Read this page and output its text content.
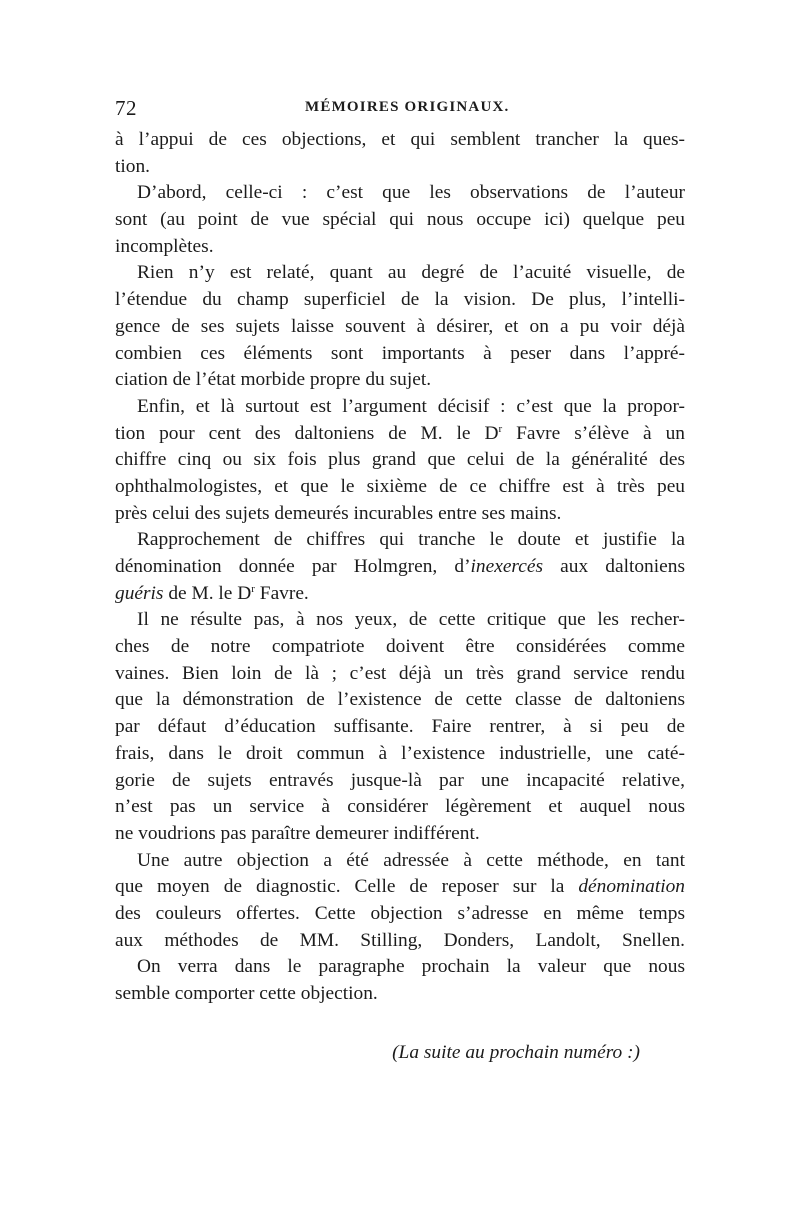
72	MÉMOIRES ORIGINAUX.
à l’appui de ces objections, et qui semblent trancher la ques-
tion.
D’abord, celle-ci : c’est que les observations de l’auteur
sont (au point de vue spécial qui nous occupe ici) quelque peu
incomplètes.
Rien n’y est relaté, quant au degré de l’acuité visuelle, de
l’étendue du champ superficiel de la vision. De plus, l’intelli-
gence de ses sujets laisse souvent à désirer, et on a pu voir déjà
combien ces éléments sont importants à peser dans l’appré-
ciation de l’état morbide propre du sujet.
Enfin, et là surtout est l’argument décisif : c’est que la propor-
tion pour cent des daltoniens de M. le $D^r$ Favre s’élève à un
chiffre cinq ou six fois plus grand que celui de la généralité des
ophthalmologistes, et que le sixième de ce chiffre est à très peu
près celui des sujets demeurés incurables entre ses mains.
Rapprochement de chiffres qui tranche le doute et justifie la
dénomination donnée par Holmgren, d’inexercés aux daltoniens
guéris de M. le $D^r$ Favre.
Il ne résulte pas, à nos yeux, de cette critique que les recher-
ches de notre compatriote doivent être considérées comme
vaines. Bien loin de là ; c’est déjà un très grand service rendu
que la démonstration de l’existence de cette classe de daltoniens
par défaut d’éducation suffisante. Faire rentrer, à si peu de
frais, dans le droit commun à l’existence industrielle, une caté-
gorie de sujets entravés jusque-là par une incapacité relative,
n’est pas un service à considérer légèrement et auquel nous
ne voudrions pas paraître demeurer indifférent.
Une autre objection a été adressée à cette méthode, en tant
que moyen de diagnostic. Celle de reposer sur la dénomination
des couleurs offertes. Cette objection s’adresse en même temps
aux méthodes de MM. Stilling, Donders, Landolt, Snellen.
On verra dans le paragraphe prochain la valeur que nous
semble comporter cette objection.
(La suite au prochain numéro :)
